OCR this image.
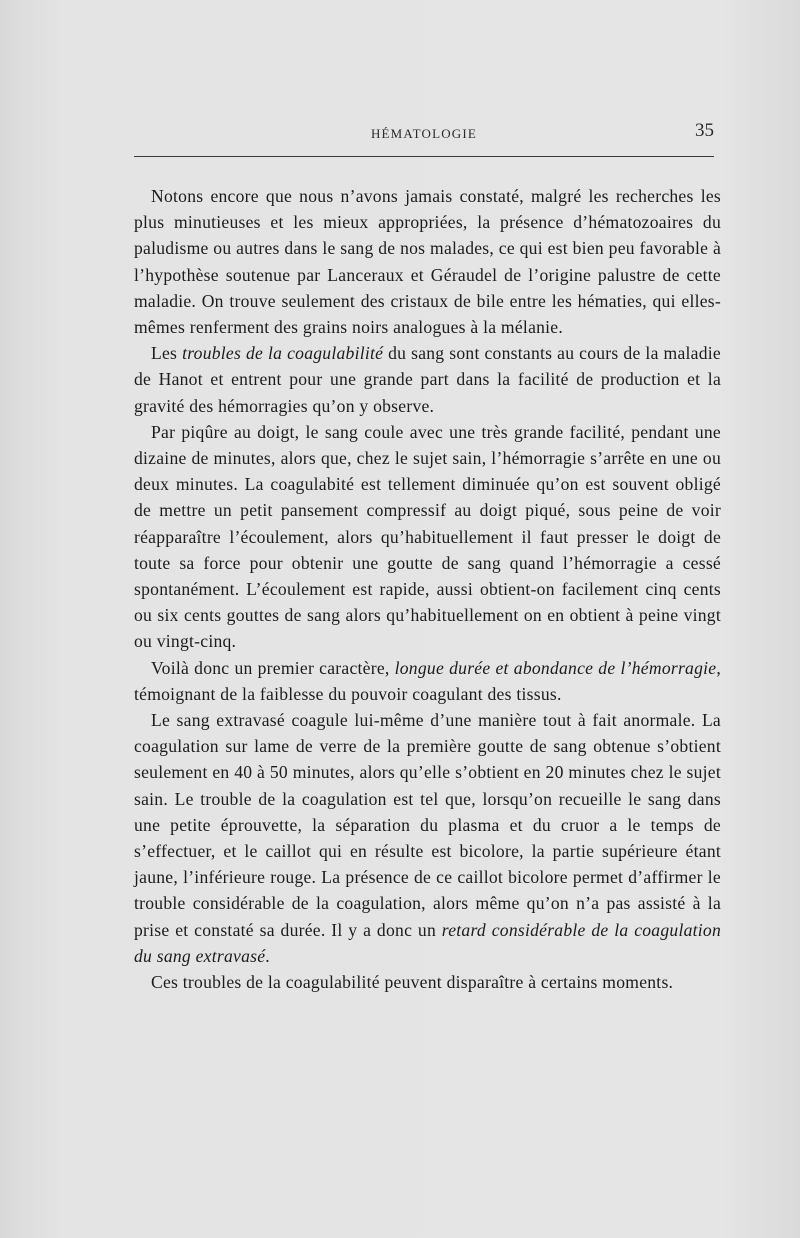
HÉMATOLOGIE	35

Notons encore que nous n’avons jamais constaté, malgré les recherches les plus minutieuses et les mieux appropriées, la présence d’hématozoaires du paludisme ou autres dans le sang de nos malades, ce qui est bien peu favorable à l’hypothèse soutenue par Lanceraux et Géraudel de l’origine palustre de cette maladie. On trouve seulement des cristaux de bile entre les hématies, qui elles-mêmes renferment des grains noirs analogues à la mélanie.

Les troubles de la coagulabilité du sang sont constants au cours de la maladie de Hanot et entrent pour une grande part dans la facilité de production et la gravité des hémorragies qu’on y observe.

Par piqûre au doigt, le sang coule avec une très grande facilité, pendant une dizaine de minutes, alors que, chez le sujet sain, l’hémorragie s’arrête en une ou deux minutes. La coagulabité est tellement diminuée qu’on est souvent obligé de mettre un petit pansement compressif au doigt piqué, sous peine de voir réapparaître l’écoulement, alors qu’habituellement il faut presser le doigt de toute sa force pour obtenir une goutte de sang quand l’hémorragie a cessé spontanément. L’écoulement est rapide, aussi obtient-on facilement cinq cents ou six cents gouttes de sang alors qu’habituellement on en obtient à peine vingt ou vingt-cinq.

Voilà donc un premier caractère, longue durée et abondance de l’hémorragie, témoignant de la faiblesse du pouvoir coagulant des tissus.

Le sang extravasé coagule lui-même d’une manière tout à fait anormale. La coagulation sur lame de verre de la première goutte de sang obtenue s’obtient seulement en 40 à 50 minutes, alors qu’elle s’obtient en 20 minutes chez le sujet sain. Le trouble de la coagulation est tel que, lorsqu’on recueille le sang dans une petite éprouvette, la séparation du plasma et du cruor a le temps de s’effectuer, et le caillot qui en résulte est bicolore, la partie supérieure étant jaune, l’inférieure rouge. La présence de ce caillot bicolore permet d’affirmer le trouble considérable de la coagulation, alors même qu’on n’a pas assisté à la prise et constaté sa durée. Il y a donc un retard considérable de la coagulation du sang extravasé.

Ces troubles de la coagulabilité peuvent disparaître à certains moments.
